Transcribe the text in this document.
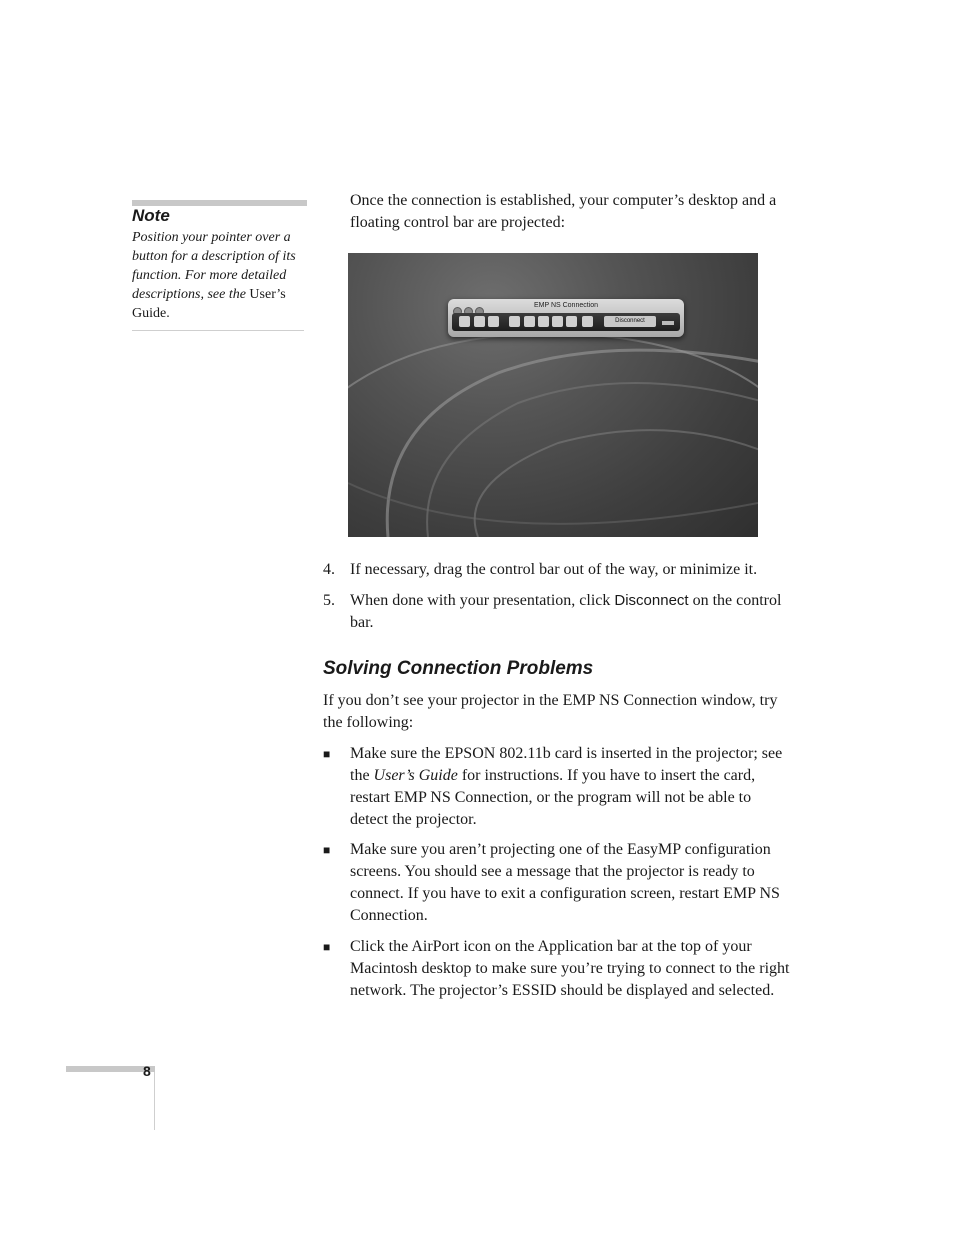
Note
Position your pointer over a button for a description of its function. For more detailed descriptions, see the User’s Guide.

Once the connection is established, your computer’s desktop and a floating control bar are projected:

EMP NS Connection
Disconnect
4. If necessary, drag the control bar out of the way, or minimize it.

5. When done with your presentation, click Disconnect on the control bar.

Solving Connection Problems

If you don’t see your projector in the EMP NS Connection window, try the following:

■ Make sure the EPSON 802.11b card is inserted in the projector; see the User’s Guide for instructions. If you have to insert the card, restart EMP NS Connection, or the program will not be able to detect the projector.

■ Make sure you aren’t projecting one of the EasyMP configuration screens. You should see a message that the projector is ready to connect. If you have to exit a configuration screen, restart EMP NS Connection.

■ Click the AirPort icon on the Application bar at the top of your Macintosh desktop to make sure you’re trying to connect to the right network. The projector’s ESSID should be displayed and selected.

8
